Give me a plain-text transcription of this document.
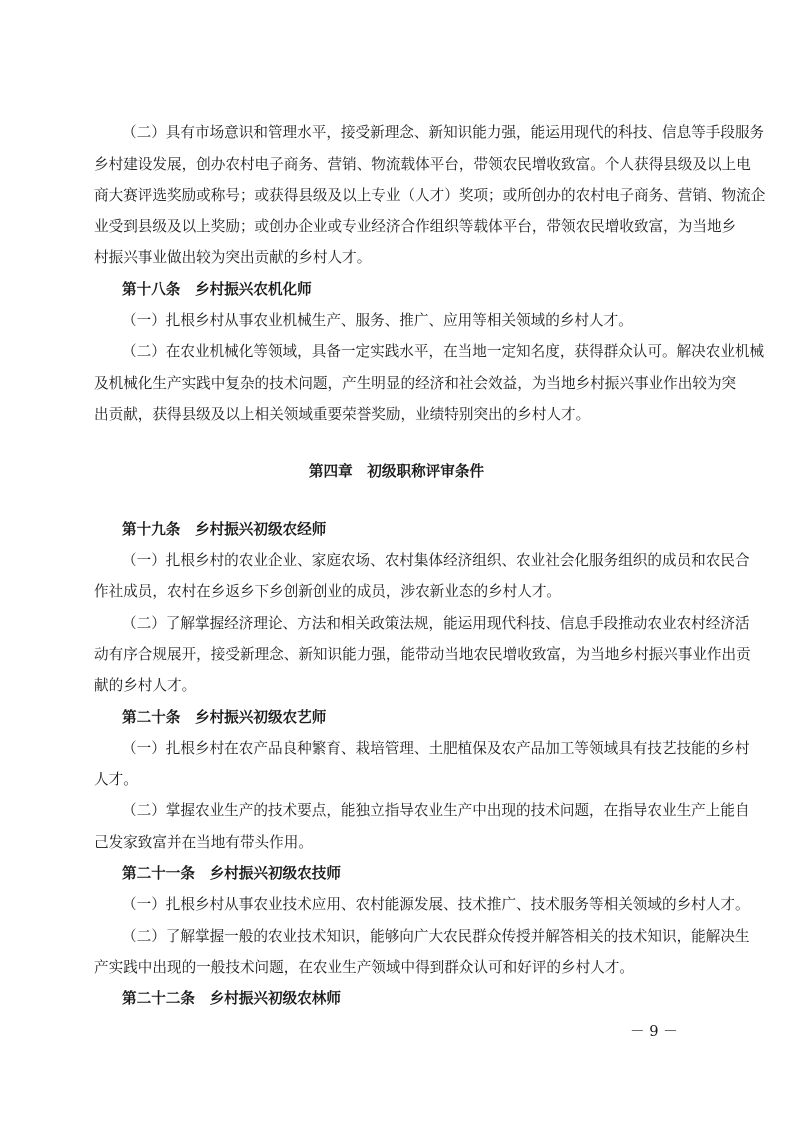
（二）具有市场意识和管理水平，接受新理念、新知识能力强，能运用现代的科技、信息等手段服务
乡村建设发展，创办农村电子商务、营销、物流载体平台，带领农民增收致富。个人获得县级及以上电
商大赛评选奖励或称号；或获得县级及以上专业（人才）奖项；或所创办的农村电子商务、营销、物流企
业受到县级及以上奖励；或创办企业或专业经济合作组织等载体平台，带领农民增收致富，为当地乡
村振兴事业做出较为突出贡献的乡村人才。
第十八条　乡村振兴农机化师
（一）扎根乡村从事农业机械生产、服务、推广、应用等相关领域的乡村人才。
（二）在农业机械化等领域，具备一定实践水平，在当地一定知名度，获得群众认可。解决农业机械
及机械化生产实践中复杂的技术问题，产生明显的经济和社会效益，为当地乡村振兴事业作出较为突
出贡献，获得县级及以上相关领域重要荣誉奖励，业绩特别突出的乡村人才。
第四章　初级职称评审条件
第十九条　乡村振兴初级农经师
（一）扎根乡村的农业企业、家庭农场、农村集体经济组织、农业社会化服务组织的成员和农民合
作社成员，农村在乡返乡下乡创新创业的成员，涉农新业态的乡村人才。
（二）了解掌握经济理论、方法和相关政策法规，能运用现代科技、信息手段推动农业农村经济活
动有序合规展开，接受新理念、新知识能力强，能带动当地农民增收致富，为当地乡村振兴事业作出贡
献的乡村人才。
第二十条　乡村振兴初级农艺师
（一）扎根乡村在农产品良种繁育、栽培管理、土肥植保及农产品加工等领域具有技艺技能的乡村
人才。
（二）掌握农业生产的技术要点，能独立指导农业生产中出现的技术问题，在指导农业生产上能自
己发家致富并在当地有带头作用。
第二十一条　乡村振兴初级农技师
（一）扎根乡村从事农业技术应用、农村能源发展、技术推广、技术服务等相关领域的乡村人才。
（二）了解掌握一般的农业技术知识，能够向广大农民群众传授并解答相关的技术知识，能解决生
产实践中出现的一般技术问题，在农业生产领域中得到群众认可和好评的乡村人才。
第二十二条　乡村振兴初级农林师
－ 9 －
